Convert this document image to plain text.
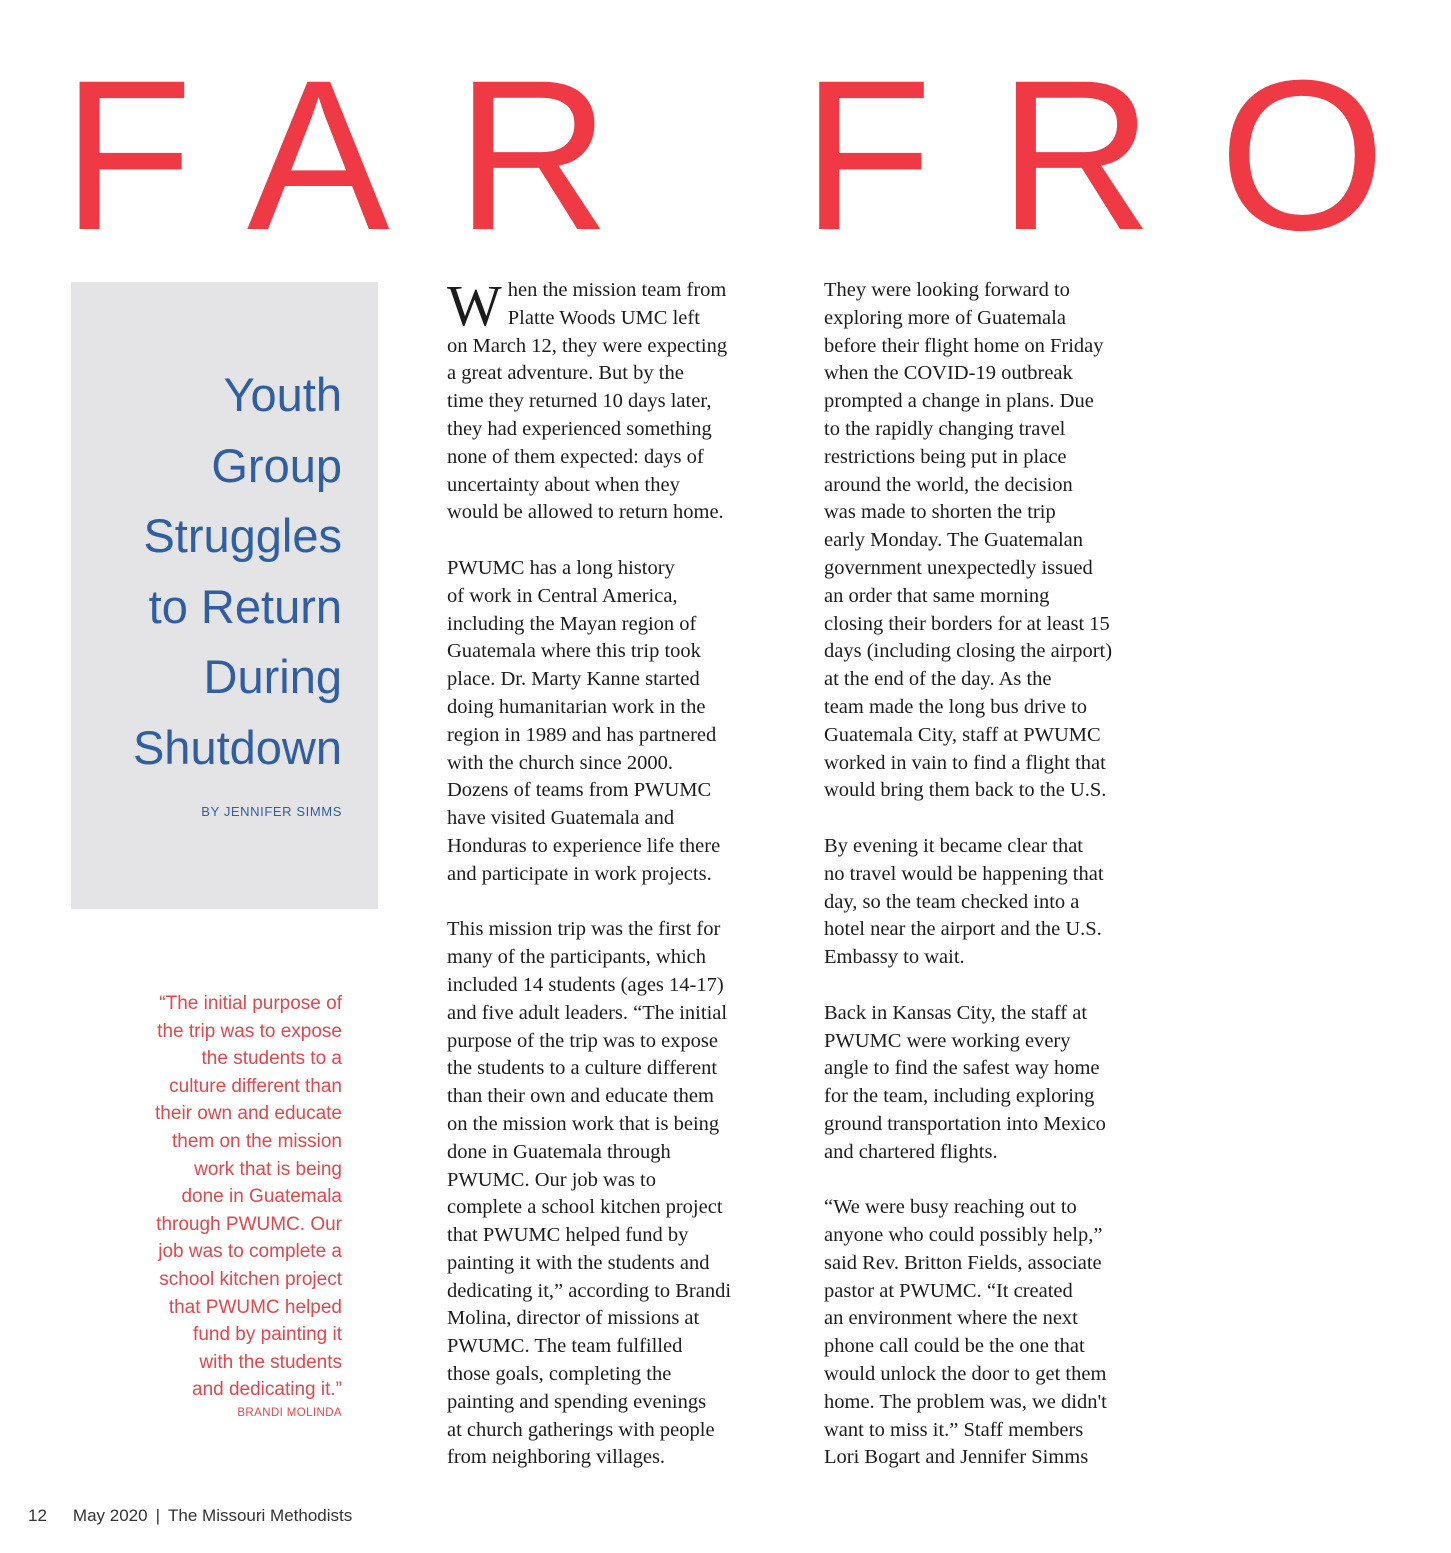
FAR FRO
Youth
Group
Struggles
to Return
During
Shutdown
BY JENNIFER SIMMS

“The initial purpose of
the trip was to expose
the students to a
culture different than
their own and educate
them on the mission
work that is being
done in Guatemala
through PWUMC. Our
job was to complete a
school kitchen project
that PWUMC helped
fund by painting it
with the students
and dedicating it.”

BRANDI MOLINDA

When the mission team from
Platte Woods UMC left
on March 12, they were expecting
a great adventure. But by the
time they returned 10 days later,
they had experienced something
none of them expected: days of
uncertainty about when they
would be allowed to return home.

PWUMC has a long history
of work in Central America,
including the Mayan region of
Guatemala where this trip took
place. Dr. Marty Kanne started
doing humanitarian work in the
region in 1989 and has partnered
with the church since 2000.
Dozens of teams from PWUMC
have visited Guatemala and
Honduras to experience life there
and participate in work projects.

This mission trip was the first for
many of the participants, which
included 14 students (ages 14-17)
and five adult leaders. “The initial
purpose of the trip was to expose
the students to a culture different
than their own and educate them
on the mission work that is being
done in Guatemala through
PWUMC. Our job was to
complete a school kitchen project
that PWUMC helped fund by
painting it with the students and
dedicating it,” according to Brandi
Molina, director of missions at
PWUMC. The team fulfilled
those goals, completing the
painting and spending evenings
at church gatherings with people
from neighboring villages.

They were looking forward to
exploring more of Guatemala
before their flight home on Friday
when the COVID-19 outbreak
prompted a change in plans. Due
to the rapidly changing travel
restrictions being put in place
around the world, the decision
was made to shorten the trip
early Monday. The Guatemalan
government unexpectedly issued
an order that same morning
closing their borders for at least 15
days (including closing the airport)
at the end of the day. As the
team made the long bus drive to
Guatemala City, staff at PWUMC
worked in vain to find a flight that
would bring them back to the U.S.

By evening it became clear that
no travel would be happening that
day, so the team checked into a
hotel near the airport and the U.S.
Embassy to wait.

Back in Kansas City, the staff at
PWUMC were working every
angle to find the safest way home
for the team, including exploring
ground transportation into Mexico
and chartered flights.

“We were busy reaching out to
anyone who could possibly help,”
said Rev. Britton Fields, associate
pastor at PWUMC. “It created
an environment where the next
phone call could be the one that
would unlock the door to get them
home. The problem was, we didn't
want to miss it.” Staff members
Lori Bogart and Jennifer Simms

12 May 2020 | The Missouri Methodists
